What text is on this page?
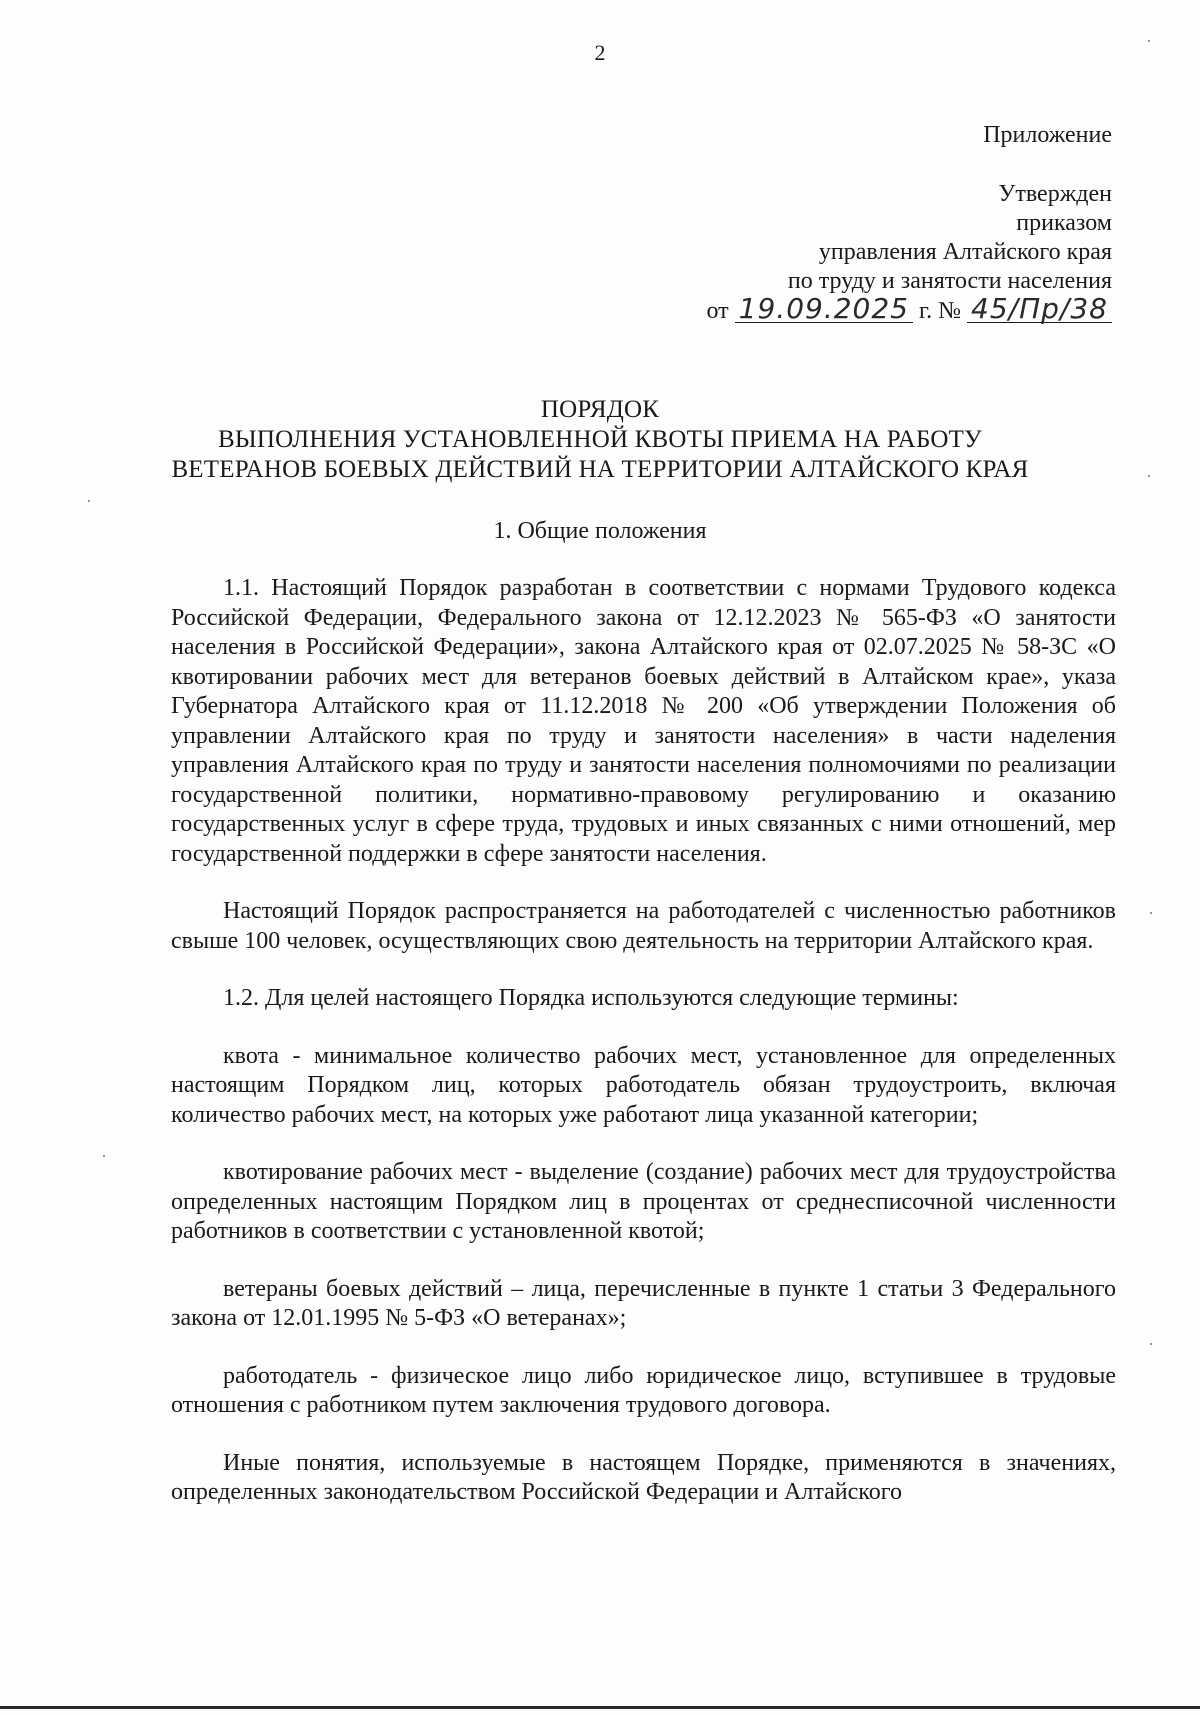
2
Приложение
Утвержден
приказом
управления Алтайского края
по труду и занятости населения
от 19.09.2025 г. № 45/Пр/38
ПОРЯДОК
ВЫПОЛНЕНИЯ УСТАНОВЛЕННОЙ КВОТЫ ПРИЕМА НА РАБОТУ
ВЕТЕРАНОВ БОЕВЫХ ДЕЙСТВИЙ НА ТЕРРИТОРИИ АЛТАЙСКОГО КРАЯ
1. Общие положения

1.1. Настоящий Порядок разработан в соответствии с нормами Трудового кодекса Российской Федерации, Федерального закона от 12.12.2023 № 565-ФЗ «О занятости населения в Российской Федерации», закона Алтайского края от 02.07.2025 № 58-ЗС «О квотировании рабочих мест для ветеранов боевых действий в Алтайском крае», указа Губернатора Алтайского края от 11.12.2018 № 200 «Об утверждении Положения об управлении Алтайского края по труду и занятости населения» в части наделения управления Алтайского края по труду и занятости населения полномочиями по реализации государственной политики, нормативно-правовому регулированию и оказанию государственных услуг в сфере труда, трудовых и иных связанных с ними отношений, мер государственной поддержки в сфере занятости населения.

Настоящий Порядок распространяется на работодателей с численностью работников свыше 100 человек, осуществляющих свою деятельность на территории Алтайского края.

1.2. Для целей настоящего Порядка используются следующие термины:

квота - минимальное количество рабочих мест, установленное для определенных настоящим Порядком лиц, которых работодатель обязан трудоустроить, включая количество рабочих мест, на которых уже работают лица указанной категории;

квотирование рабочих мест - выделение (создание) рабочих мест для трудоустройства определенных настоящим Порядком лиц в процентах от среднесписочной численности работников в соответствии с установленной квотой;

ветераны боевых действий – лица, перечисленные в пункте 1 статьи 3 Федерального закона от 12.01.1995 № 5-ФЗ «О ветеранах»;

работодатель - физическое лицо либо юридическое лицо, вступившее в трудовые отношения с работником путем заключения трудового договора.

Иные понятия, используемые в настоящем Порядке, применяются в значениях, определенных законодательством Российской Федерации и Алтайского
